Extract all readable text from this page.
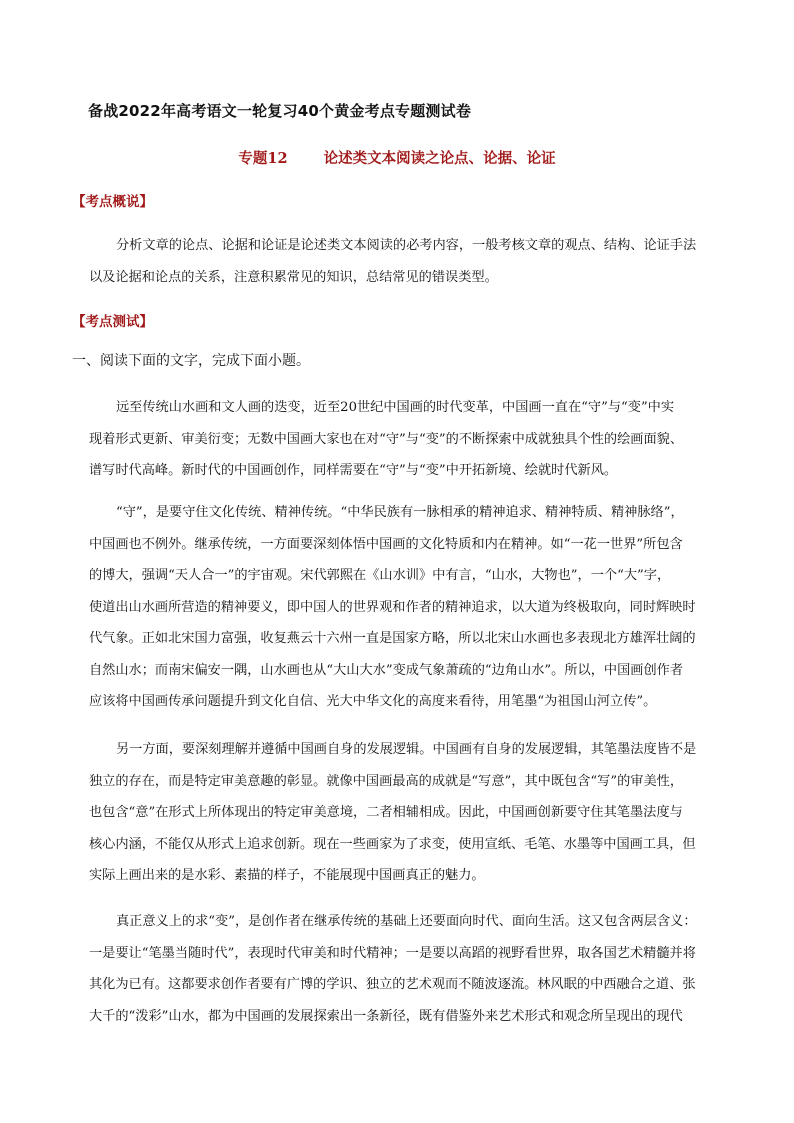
备战2022年高考语文一轮复习40个黄金考点专题测试卷
专题12 论述类文本阅读之论点、论据、论证
【考点概说】

分析文章的论点、论据和论证是论述类文本阅读的必考内容，一般考核文章的观点、结构、论证手法
以及论据和论点的关系，注意积累常见的知识，总结常见的错误类型。

【考点测试】
一、阅读下面的文字，完成下面小题。

远至传统山水画和文人画的迭变，近至20世纪中国画的时代变革，中国画一直在“守”与“变”中实
现着形式更新、审美衍变；无数中国画大家也在对“守”与“变”的不断探索中成就独具个性的绘画面貌、
谱写时代高峰。新时代的中国画创作，同样需要在“守”与“变”中开拓新境、绘就时代新风。

“守”，是要守住文化传统、精神传统。“中华民族有一脉相承的精神追求、精神特质、精神脉络”，
中国画也不例外。继承传统，一方面要深刻体悟中国画的文化特质和内在精神。如“一花一世界”所包含
的博大，强调“天人合一”的宇宙观。宋代郭熙在《山水训》中有言，“山水，大物也”，一个“大”字，
使道出山水画所营造的精神要义，即中国人的世界观和作者的精神追求，以大道为终极取向，同时辉映时
代气象。正如北宋国力富强，收复燕云十六州一直是国家方略，所以北宋山水画也多表现北方雄浑壮阔的
自然山水；而南宋偏安一隅，山水画也从“大山大水”变成气象萧疏的“边角山水”。所以，中国画创作者
应该将中国画传承问题提升到文化自信、光大中华文化的高度来看待，用笔墨“为祖国山河立传”。

另一方面，要深刻理解并遵循中国画自身的发展逻辑。中国画有自身的发展逻辑，其笔墨法度皆不是
独立的存在，而是特定审美意趣的彰显。就像中国画最高的成就是“写意”，其中既包含“写”的审美性，
也包含“意”在形式上所体现出的特定审美意境，二者相辅相成。因此，中国画创新要守住其笔墨法度与
核心内涵，不能仅从形式上追求创新。现在一些画家为了求变，使用宣纸、毛笔、水墨等中国画工具，但
实际上画出来的是水彩、素描的样子，不能展现中国画真正的魅力。

真正意义上的求“变”，是创作者在继承传统的基础上还要面向时代、面向生活。这又包含两层含义：
一是要让“笔墨当随时代”，表现时代审美和时代精神；一是要以高蹈的视野看世界，取各国艺术精髓并将
其化为已有。这都要求创作者要有广博的学识、独立的艺术观而不随波逐流。林风眠的中西融合之道、张
大千的“泼彩”山水，都为中国画的发展探索出一条新径，既有借鉴外来艺术形式和观念所呈现出的现代
